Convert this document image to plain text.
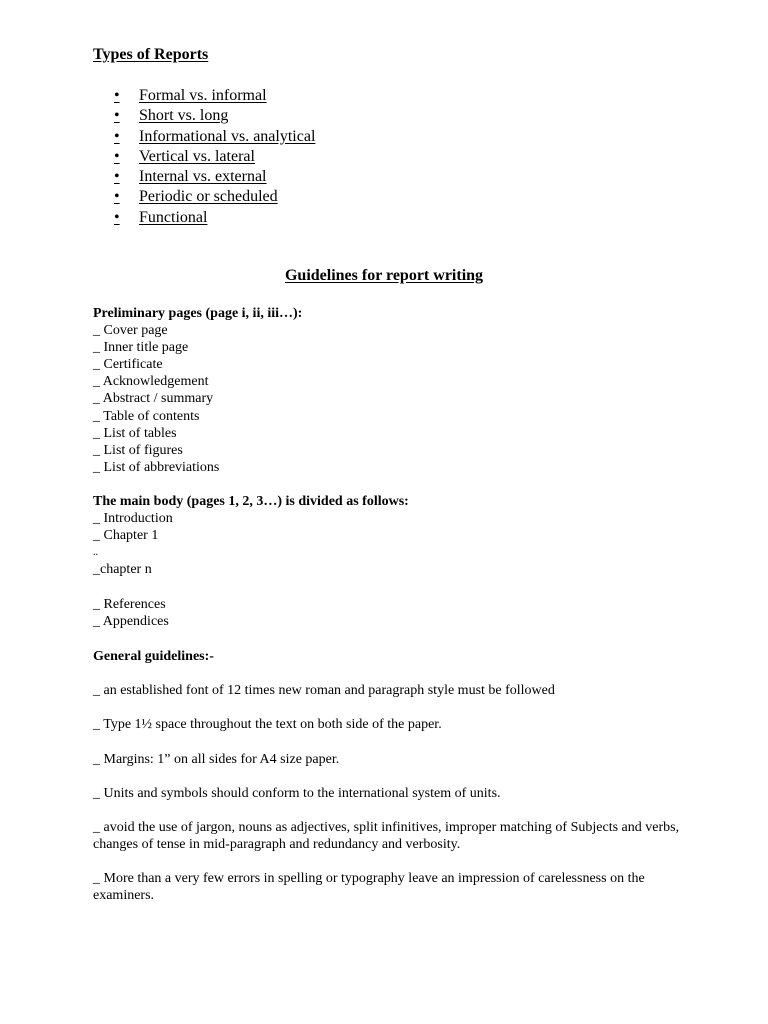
Types of Reports
• Formal vs. informal
• Short vs. long
• Informational vs. analytical
• Vertical vs. lateral
• Internal vs. external
• Periodic or scheduled
• Functional
Guidelines for report writing
Preliminary pages (page i, ii, iii…):
_ Cover page
_ Inner title page
_ Certificate
_ Acknowledgement
_ Abstract / summary
_ Table of contents
_ List of tables
_ List of figures
_ List of abbreviations
The main body (pages 1, 2, 3…) is divided as follows:
_ Introduction
_ Chapter 1
..
_chapter n
_ References
_ Appendices
General guidelines:-
_ an established font of 12 times new roman and paragraph style must be followed
_ Type 1½ space throughout the text on both side of the paper.
_ Margins: 1” on all sides for A4 size paper.
_ Units and symbols should conform to the international system of units.
_ avoid the use of jargon, nouns as adjectives, split infinitives, improper matching of Subjects and verbs, changes of tense in mid-paragraph and redundancy and verbosity.
_ More than a very few errors in spelling or typography leave an impression of carelessness on the examiners.
